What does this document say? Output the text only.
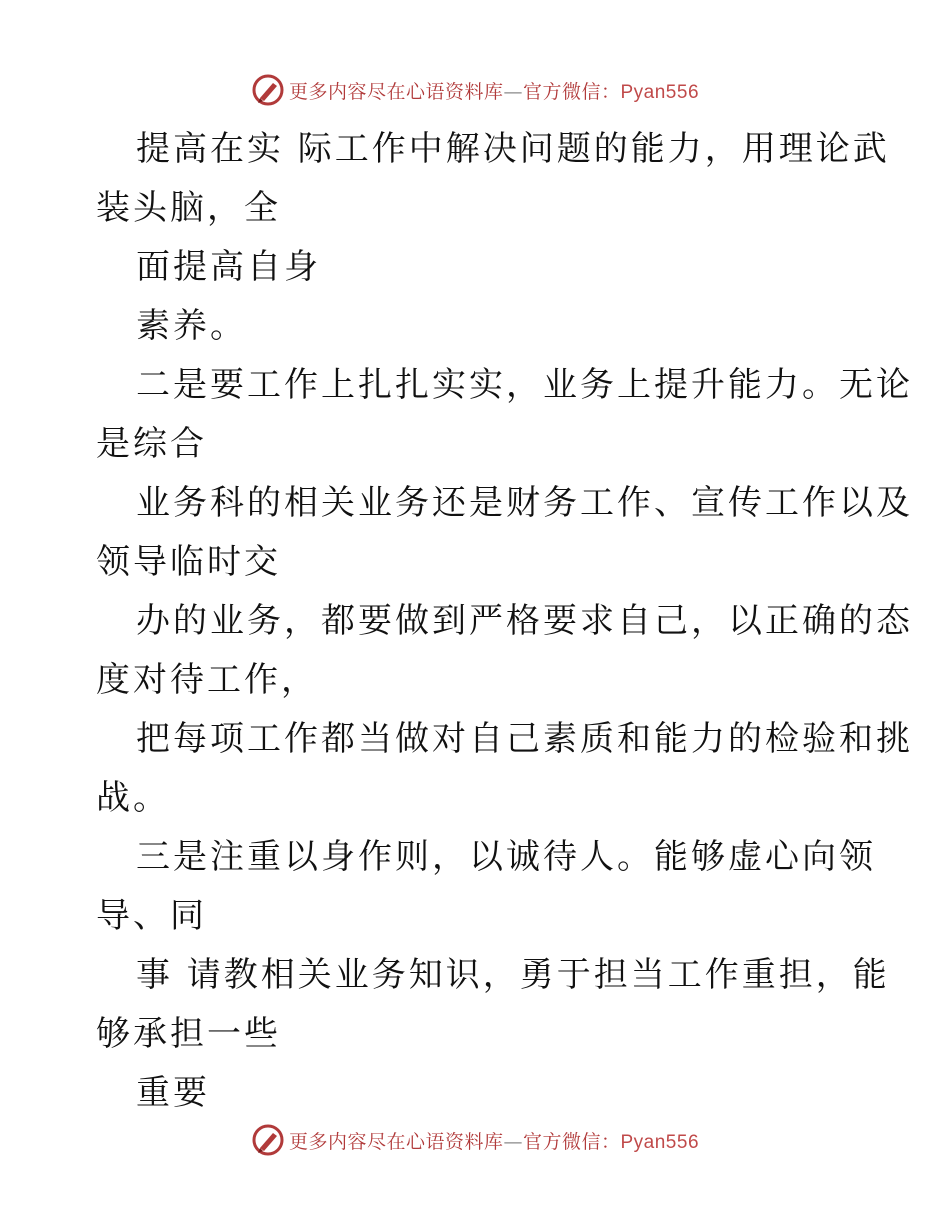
更多内容尽在心语资料库—官方微信：Pyan556
提高在实 际工作中解决问题的能力，用理论武
装头脑，全
面提高自身
素养。
二是要工作上扎扎实实，业务上提升能力。无论
是综合
业务科的相关业务还是财务工作、宣传工作以及
领导临时交
办的业务，都要做到严格要求自己，以正确的态
度对待工作，
把每项工作都当做对自己素质和能力的检验和挑
战。
三是注重以身作则，以诚待人。能够虚心向领
导、同
事 请教相关业务知识，勇于担当工作重担，能
够承担一些
重要
更多内容尽在心语资料库—官方微信：Pyan556
